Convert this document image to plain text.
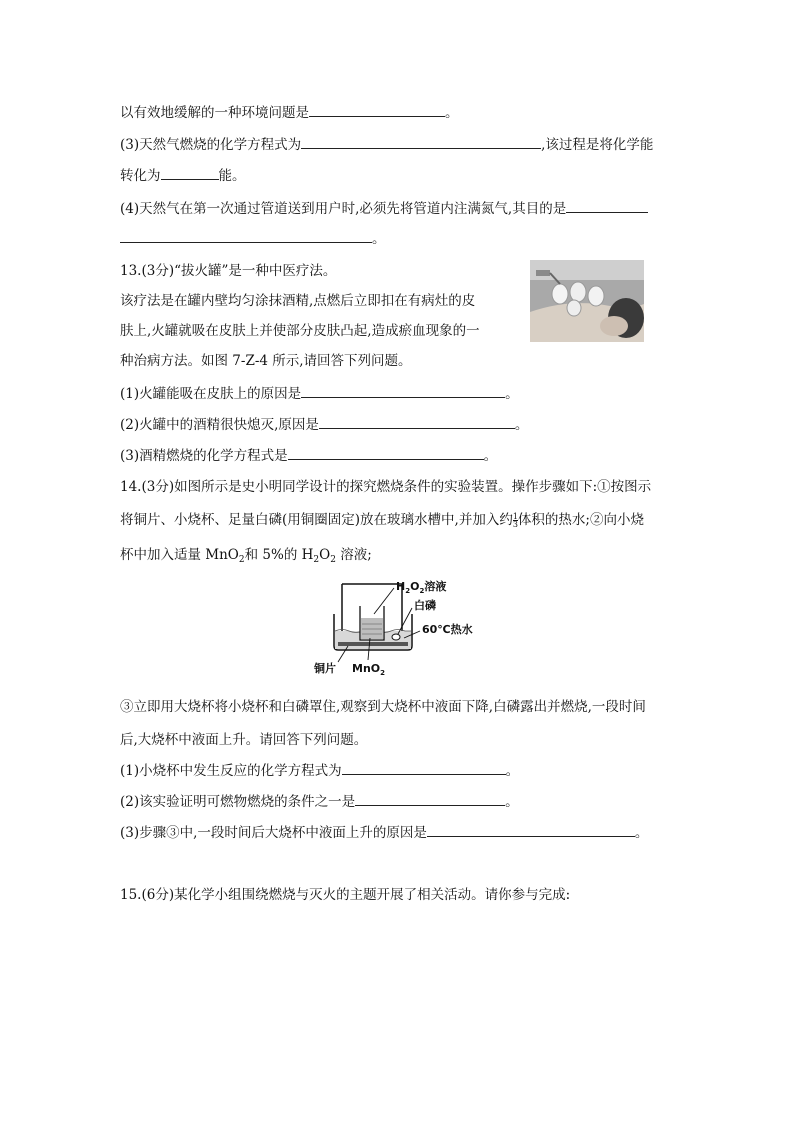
以有效地缓解的一种环境问题是	。
(3)天然气燃烧的化学方程式为	,该过程是将化学能
转化为	能。
(4)天然气在第一次通过管道送到用户时,必须先将管道内注满氮气,其目的是
。
13.(3分)“拔火罐”是一种中医疗法。
该疗法是在罐内壁均匀涂抹酒精,点燃后立即扣在有病灶的皮
肤上,火罐就吸在皮肤上并使部分皮肤凸起,造成瘀血现象的一
种治病方法。如图 7-Z-4 所示,请回答下列问题。
(1)火罐能吸在皮肤上的原因是	。
(2)火罐中的酒精很快熄灭,原因是	。
(3)酒精燃烧的化学方程式是	。
14.(3分)如图所示是史小明同学设计的探究燃烧条件的实验装置。操作步骤如下:①按图示
将铜片、小烧杯、足量白磷(用铜圈固定)放在玻璃水槽中,并加入约 $\frac{1}{3}$ 体积的热水;②向小烧
杯中加入适量 MnO$_2$和 5%的 $H_2O_2$ 溶液;
$H_2O_2$溶液
白磷
60℃热水
铜片 MnO$_2$
③立即用大烧杯将小烧杯和白磷罩住,观察到大烧杯中液面下降,白磷露出并燃烧,一段时间
后,大烧杯中液面上升。请回答下列问题。
(1)小烧杯中发生反应的化学方程式为	。
(2)该实验证明可燃物燃烧的条件之一是	。
(3)步骤③中,一段时间后大烧杯中液面上升的原因是	。
15.(6分)某化学小组围绕燃烧与灭火的主题开展了相关活动。请你参与完成:
